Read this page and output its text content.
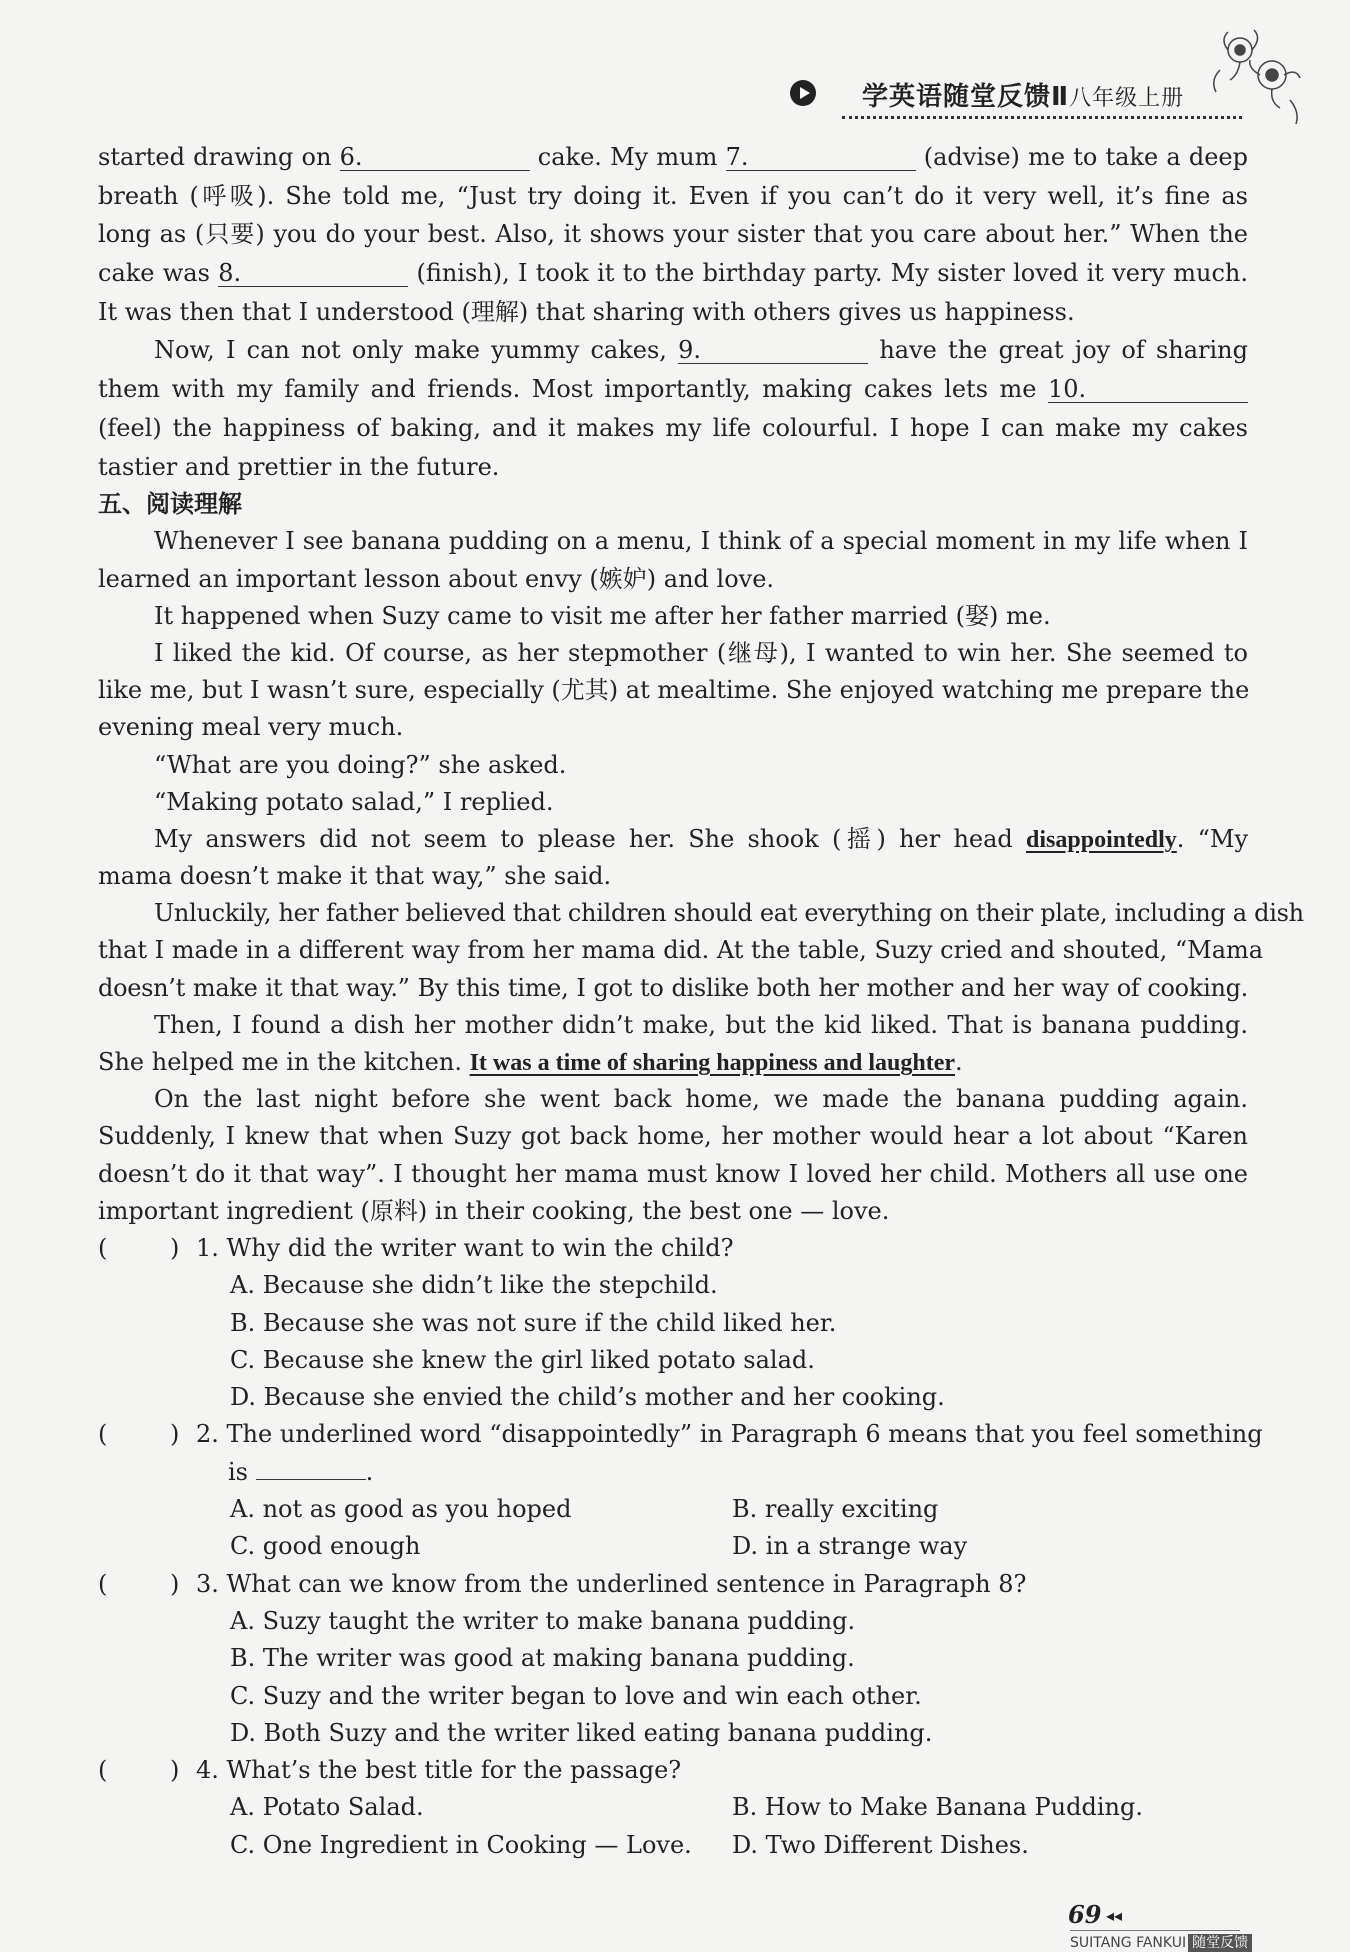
学英语随堂反馈Ⅱ八年级上册
started drawing on 6.	cake. My mum 7.	(advise) me to take a deep
breath (呼吸). She told me, “Just try doing it. Even if you can’t do it very well, it’s fine as
long as (只要) you do your best. Also, it shows your sister that you care about her.” When the
cake was 8.	(finish), I took it to the birthday party. My sister loved it very much.
It was then that I understood (理解) that sharing with others gives us happiness.
Now, I can not only make yummy cakes, 9.	have the great joy of sharing
them with my family and friends. Most importantly, making cakes lets me 10.
(feel) the happiness of baking, and it makes my life colourful. I hope I can make my cakes
tastier and prettier in the future.
五、阅读理解
Whenever I see banana pudding on a menu, I think of a special moment in my life when I
learned an important lesson about envy (嫉妒) and love.
It happened when Suzy came to visit me after her father married (娶) me.
I liked the kid. Of course, as her stepmother (继母), I wanted to win her. She seemed to
like me, but I wasn’t sure, especially (尤其) at mealtime. She enjoyed watching me prepare the
evening meal very much.
“What are you doing?” she asked.
“Making potato salad,” I replied.
My answers did not seem to please her. She shook (摇) her head disappointedly. “My
mama doesn’t make it that way,” she said.
Unluckily, her father believed that children should eat everything on their plate, including a dish
that I made in a different way from her mama did. At the table, Suzy cried and shouted, “Mama
doesn’t make it that way.” By this time, I got to dislike both her mother and her way of cooking.
Then, I found a dish her mother didn’t make, but the kid liked. That is banana pudding.
She helped me in the kitchen. It was a time of sharing happiness and laughter.
On the last night before she went back home, we made the banana pudding again.
Suddenly, I knew that when Suzy got back home, her mother would hear a lot about “Karen
doesn’t do it that way”. I thought her mama must know I loved her child. Mothers all use one
important ingredient (原料) in their cooking, the best one — love.
(	) 1. Why did the writer want to win the child?
A. Because she didn’t like the stepchild.
B. Because she was not sure if the child liked her.
C. Because she knew the girl liked potato salad.
D. Because she envied the child’s mother and her cooking.
(	) 2. The underlined word “disappointedly” in Paragraph 6 means that you feel something
is	.
A. not as good as you hoped	B. really exciting
C. good enough	D. in a strange way
(	) 3. What can we know from the underlined sentence in Paragraph 8?
A. Suzy taught the writer to make banana pudding.
B. The writer was good at making banana pudding.
C. Suzy and the writer began to love and win each other.
D. Both Suzy and the writer liked eating banana pudding.
(	) 4. What’s the best title for the passage?
A. Potato Salad.	B. How to Make Banana Pudding.
C. One Ingredient in Cooking — Love. D. Two Different Dishes.
69 ◂◂
SUITANG FANKUI 随堂反馈
